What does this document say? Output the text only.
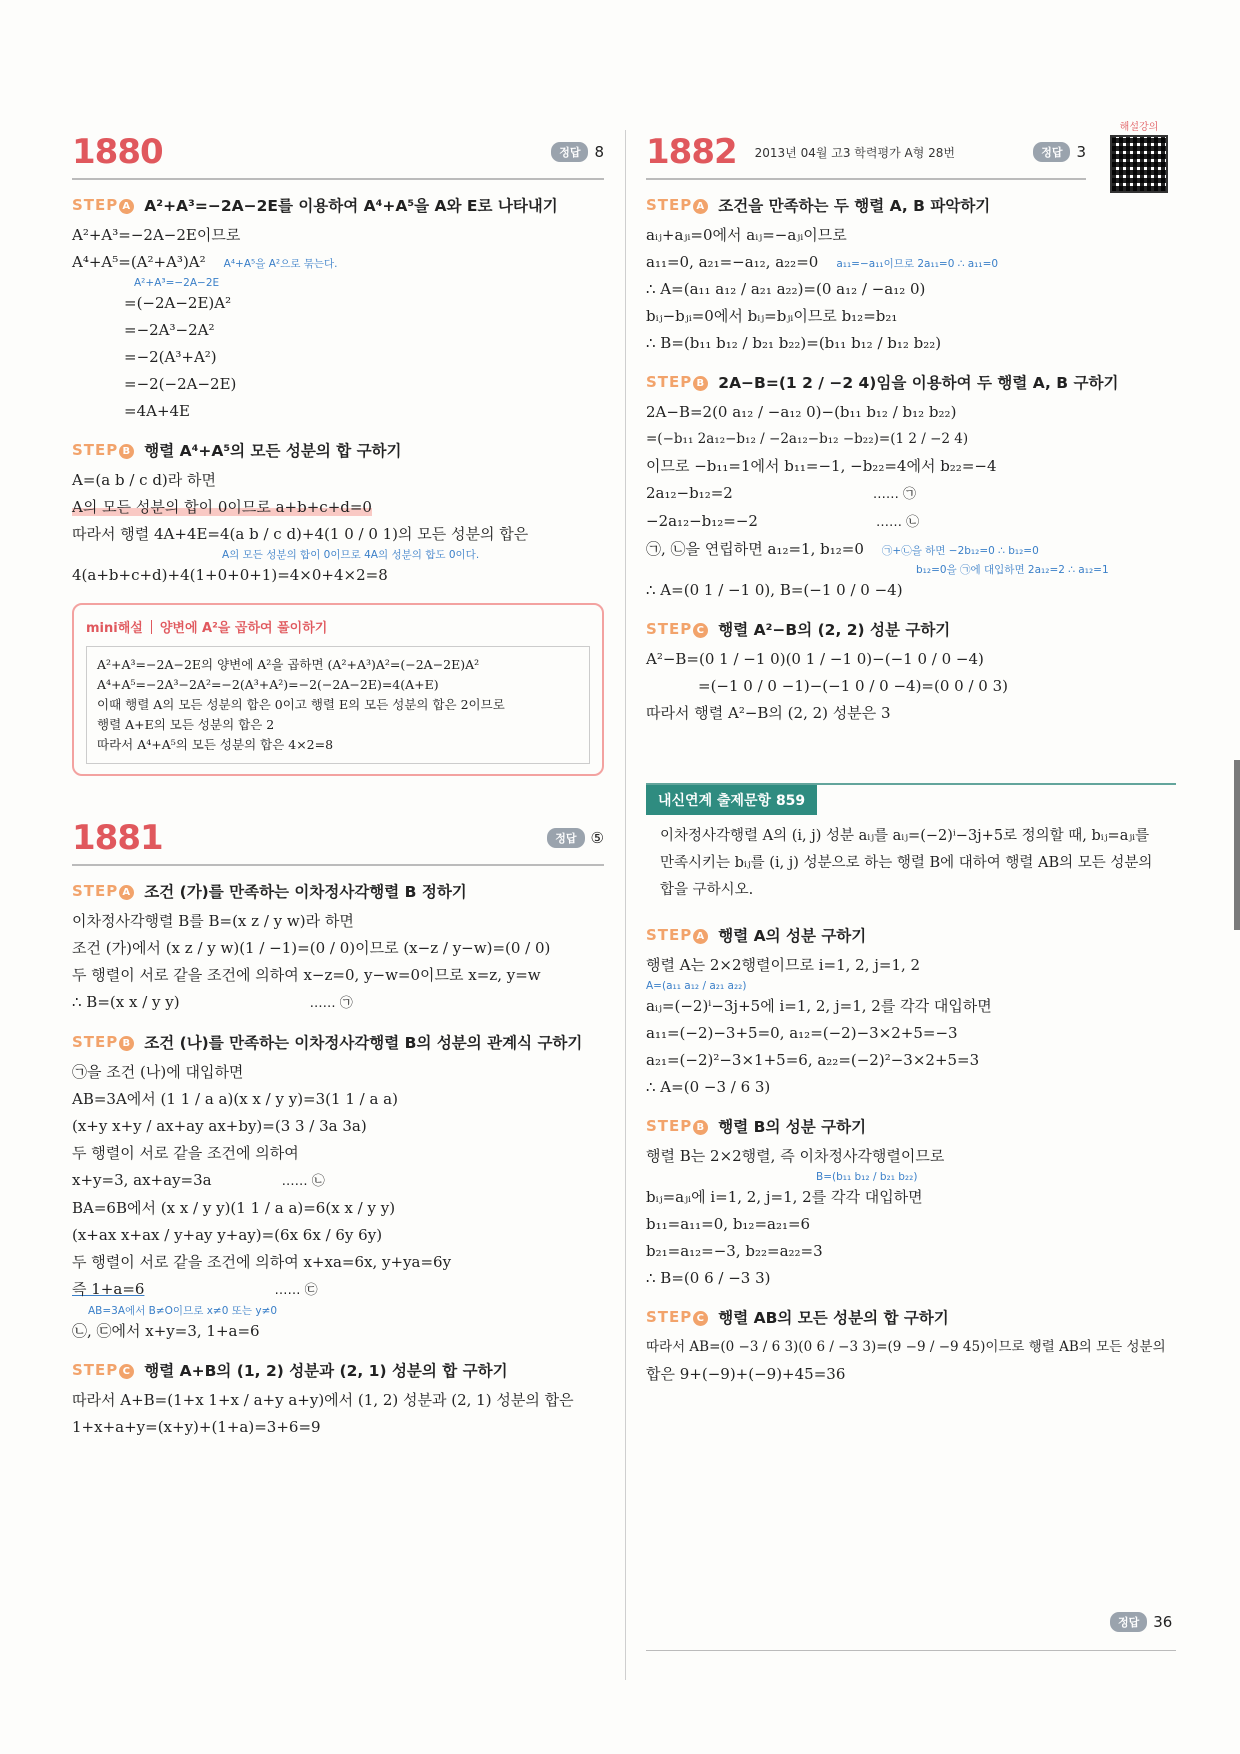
해설강의
1880	정답 8
STEP A A²+A³=−2A−2E를 이용하여 A⁴+A⁵을 A와 E로 나타내기
A²+A³=−2A−2E이므로
A⁴+A⁵=(A²+A³)A² A⁴+A⁵을 A²으로 묶는다.
A²+A³=−2A−2E
=(−2A−2E)A²
=−2A³−2A²
=−2(A³+A²)
=−2(−2A−2E)
=4A+4E
STEP B 행렬 A⁴+A⁵의 모든 성분의 합 구하기
A=(a b / c d)라 하면
A의 모든 성분의 합이 0이므로 a+b+c+d=0
따라서 행렬 4A+4E=4(a b / c d)+4(1 0 / 0 1)의 모든 성분의 합은
A의 모든 성분의 합이 0이므로 4A의 성분의 합도 0이다.
4(a+b+c+d)+4(1+0+0+1)=4×0+4×2=8
mini해설 양변에 A²을 곱하여 풀이하기
A²+A³=−2A−2E의 양변에 A²을 곱하면 (A²+A³)A²=(−2A−2E)A²
A⁴+A⁵=−2A³−2A²=−2(A³+A²)=−2(−2A−2E)=4(A+E)
이때 행렬 A의 모든 성분의 합은 0이고 행렬 E의 모든 성분의 합은 2이므로
행렬 A+E의 모든 성분의 합은 2
따라서 A⁴+A⁵의 모든 성분의 합은 4×2=8
1881	정답 ⑤
STEP A 조건 (가)를 만족하는 이차정사각행렬 B 정하기
이차정사각행렬 B를 B=(x z / y w)라 하면
조건 (가)에서 (x z / y w)(1 / −1)=(0 / 0)이므로 (x−z / y−w)=(0 / 0)
두 행렬이 서로 같을 조건에 의하여 x−z=0, y−w=0이므로 x=z, y=w
∴ B=(x x / y y)	…… ㉠
STEP B 조건 (나)를 만족하는 이차정사각행렬 B의 성분의 관계식 구하기
㉠을 조건 (나)에 대입하면
AB=3A에서 (1 1 / a a)(x x / y y)=3(1 1 / a a)
(x+y x+y / ax+ay ax+by)=(3 3 / 3a 3a)
두 행렬이 서로 같을 조건에 의하여
x+y=3, ax+ay=3a	…… ㉡
BA=6B에서 (x x / y y)(1 1 / a a)=6(x x / y y)
(x+ax x+ax / y+ay y+ay)=(6x 6x / 6y 6y)
두 행렬이 서로 같을 조건에 의하여 x+xa=6x, y+ya=6y
즉 1+a=6	…… ㉢
AB=3A에서 B≠O이므로 x≠0 또는 y≠0
㉡, ㉢에서 x+y=3, 1+a=6
STEP C 행렬 A+B의 (1, 2) 성분과 (2, 1) 성분의 합 구하기
따라서 A+B=(1+x 1+x / a+y a+y)에서 (1, 2) 성분과 (2, 1) 성분의 합은
1+x+a+y=(x+y)+(1+a)=3+6=9
1882 2013년 04월 고3 학력평가 A형 28번	정답 3
STEP A 조건을 만족하는 두 행렬 A, B 파악하기
aᵢⱼ+aⱼᵢ=0에서 aᵢⱼ=−aⱼᵢ이므로
a₁₁=0, a₂₁=−a₁₂, a₂₂=0 a₁₁=−a₁₁이므로 2a₁₁=0 ∴ a₁₁=0
∴ A=(a₁₁ a₁₂ / a₂₁ a₂₂)=(0 a₁₂ / −a₁₂ 0)
bᵢⱼ−bⱼᵢ=0에서 bᵢⱼ=bⱼᵢ이므로 b₁₂=b₂₁
∴ B=(b₁₁ b₁₂ / b₂₁ b₂₂)=(b₁₁ b₁₂ / b₁₂ b₂₂)
STEP B 2A−B=(1 2 / −2 4)임을 이용하여 두 행렬 A, B 구하기
2A−B=2(0 a₁₂ / −a₁₂ 0)−(b₁₁ b₁₂ / b₁₂ b₂₂)
=(−b₁₁ 2a₁₂−b₁₂ / −2a₁₂−b₁₂ −b₂₂)=(1 2 / −2 4)
이므로 −b₁₁=1에서 b₁₁=−1, −b₂₂=4에서 b₂₂=−4
2a₁₂−b₁₂=2	…… ㉠
−2a₁₂−b₁₂=−2	…… ㉡
㉠, ㉡을 연립하면 a₁₂=1, b₁₂=0 ㉠+㉡을 하면 −2b₁₂=0 ∴ b₁₂=0
b₁₂=0을 ㉠에 대입하면 2a₁₂=2 ∴ a₁₂=1
∴ A=(0 1 / −1 0), B=(−1 0 / 0 −4)
STEP C 행렬 A²−B의 (2, 2) 성분 구하기
A²−B=(0 1 / −1 0)(0 1 / −1 0)−(−1 0 / 0 −4)
=(−1 0 / 0 −1)−(−1 0 / 0 −4)=(0 0 / 0 3)
따라서 행렬 A²−B의 (2, 2) 성분은 3
내신연계 출제문항 859
이차정사각행렬 A의 (i, j) 성분 aᵢⱼ를 aᵢⱼ=(−2)ⁱ−3j+5로 정의할 때, bᵢⱼ=aⱼᵢ를 만족시키는 bᵢⱼ를 (i, j) 성분으로 하는 행렬 B에 대하여 행렬 AB의 모든 성분의 합을 구하시오.
STEP A 행렬 A의 성분 구하기
행렬 A는 2×2행렬이므로 i=1, 2, j=1, 2
A=(a₁₁ a₁₂ / a₂₁ a₂₂)
aᵢⱼ=(−2)ⁱ−3j+5에 i=1, 2, j=1, 2를 각각 대입하면
a₁₁=(−2)−3+5=0, a₁₂=(−2)−3×2+5=−3
a₂₁=(−2)²−3×1+5=6, a₂₂=(−2)²−3×2+5=3
∴ A=(0 −3 / 6 3)
STEP B 행렬 B의 성분 구하기
행렬 B는 2×2행렬, 즉 이차정사각행렬이므로
B=(b₁₁ b₁₂ / b₂₁ b₂₂)
bᵢⱼ=aⱼᵢ에 i=1, 2, j=1, 2를 각각 대입하면
b₁₁=a₁₁=0, b₁₂=a₂₁=6
b₂₁=a₁₂=−3, b₂₂=a₂₂=3
∴ B=(0 6 / −3 3)
STEP C 행렬 AB의 모든 성분의 합 구하기
따라서 AB=(0 −3 / 6 3)(0 6 / −3 3)=(9 −9 / −9 45)이므로 행렬 AB의 모든 성분의
합은 9+(−9)+(−9)+45=36
정답 36
